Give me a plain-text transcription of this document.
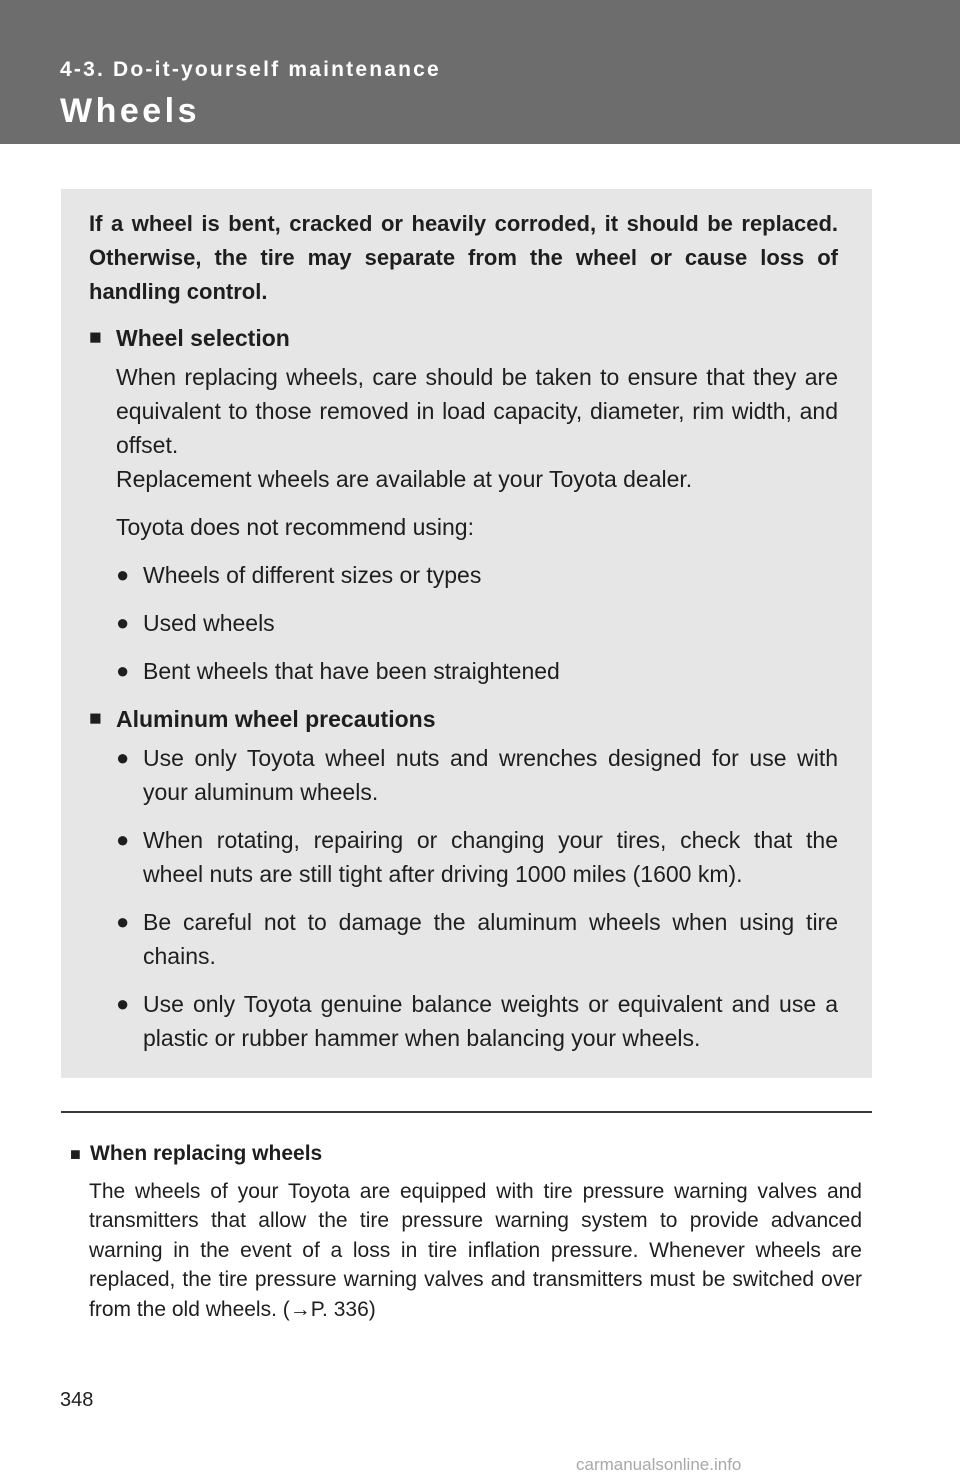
4-3. Do-it-yourself maintenance
Wheels

If a wheel is bent, cracked or heavily corroded, it should be replaced. Otherwise, the tire may separate from the wheel or cause loss of handling control.

■ Wheel selection

When replacing wheels, care should be taken to ensure that they are equivalent to those removed in load capacity, diameter, rim width, and offset.

Replacement wheels are available at your Toyota dealer.

Toyota does not recommend using:

● Wheels of different sizes or types
● Used wheels
● Bent wheels that have been straightened
■ Aluminum wheel precautions
● Use only Toyota wheel nuts and wrenches designed for use with your aluminum wheels.
● When rotating, repairing or changing your tires, check that the wheel nuts are still tight after driving 1000 miles (1600 km).
● Be careful not to damage the aluminum wheels when using tire chains.
● Use only Toyota genuine balance weights or equivalent and use a plastic or rubber hammer when balancing your wheels.
■ When replacing wheels

The wheels of your Toyota are equipped with tire pressure warning valves and transmitters that allow the tire pressure warning system to provide advanced warning in the event of a loss in tire inflation pressure. Whenever wheels are replaced, the tire pressure warning valves and transmitters must be switched over from the old wheels. (→P. 336)

348
carmanualsonline.info
